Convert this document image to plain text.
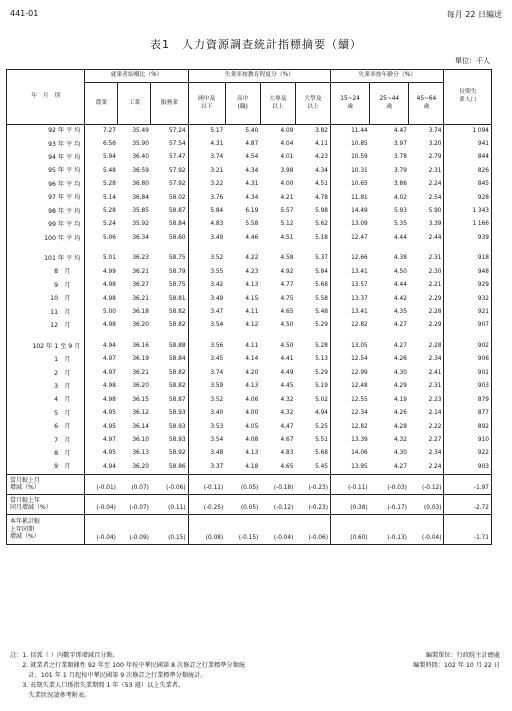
441-01	每月 22 日編送
表1　人力資源調查統計指標摘要（續）
單位：千人
年　月　別	就業者結構比（%）			失業率按教育程度分（%）				失業率按年齡分（%）			長期失
業人口

	農業	工業	服務業	國中及
以下	高中
(職)	大專及
以上	大學及
以上	15~24
歲	25~44
歲	45~64
歲	

92 年 平 均	7.27	35.49	57.24	5.17	5.40	4.09	3.82	11.44	4.47	3.74	1 094
93 年 平 均	6.56	35.90	57.54	4.31	4.87	4.04	4.11	10.85	3.97	3.20	941
94 年 平 均	5.94	36.40	57.47	3.74	4.54	4.01	4.23	10.59	3.78	2.79	844
95 年 平 均	5.48	36.59	57.92	3.21	4.34	3.98	4.34	10.31	3.79	2.31	826
96 年 平 均	5.28	36.80	57.92	3.22	4.31	4.00	4.51	10.65	3.86	2.24	845
97 年 平 均	5.14	36.84	58.02	3.76	4.34	4.21	4.78	11.81	4.02	2.54	928
98 年 平 均	5.28	35.85	58.87	5.84	6.19	5.57	5.98	14.49	5.93	5.90	1 343
99 年 平 均	5.24	35.92	58.84	4.83	5.58	5.12	5.62	13.09	5.35	3.39	1 166
100 年 平 均	5.06	36.34	58.60	3.49	4.46	4.51	5.18	12.47	4.44	2.44	939

101 年 平 均	5.01	36.23	58.75	3.52	4.22	4.58	5.37	12.66	4.38	2.31	918
8　月	4.99	36.21	58.79	3.55	4.23	4.92	5.84	13.41	4.50	2.30	948
9　月	4.98	36.27	58.75	3.42	4.13	4.77	5.68	13.57	4.44	2.21	929
10　月	4.98	36.21	58.81	3.49	4.15	4.75	5.58	13.37	4.42	2.29	932
11　月	5.00	36.18	58.82	3.47	4.11	4.65	5.48	13.41	4.35	2.28	921
12　月	4.98	36.20	58.82	3.54	4.12	4.50	5.29	12.82	4.27	2.29	907

102 年 1 至 9 月	4.94	36.16	58.88	3.56	4.11	4.50	5.28	13.05	4.27	2.28	902
1　月	4.97	36.19	58.84	3.45	4.14	4.41	5.13	12.54	4.26	2.34	906
2　月	4.97	36.21	58.82	3.74	4.20	4.49	5.29	12.99	4.30	2.41	901
3　月	4.98	36.20	58.82	3.59	4.13	4.45	5.19	12.48	4.29	2.31	903
4　月	4.98	36.15	58.87	3.52	4.06	4.32	5.02	12.55	4.19	2.23	879
5　月	4.95	36.12	58.93	3.40	4.00	4.32	4.94	12.34	4.26	2.14	877
6　月	4.95	36.14	58.93	3.53	4.05	4.47	5.25	12.82	4.28	2.22	892
7　月	4.97	36.10	58.93	3.54	4.08	4.67	5.51	13.39	4.32	2.27	910
8　月	4.95	36.13	58.92	3.48	4.13	4.83	5.68	14.06	4.30	2.34	922
9　月	4.94	36.20	58.86	3.37	4.18	4.65	5.45	13.95	4.27	2.24	903

當月較上月
增減（%）	(-0.01)	(0.07)	(-0.06)	(-0.11)	(0.05)	(-0.18)	(-0.23)	(-0.11)	(-0.03)	(-0.12)	-1.97

當月較上年
同月增減（%）	(-0.04)	(-0.07)	(0.11)	(-0.25)	(0.05)	(-0.12)	(-0.23)	(0.38)	(-0.17)	(0.03)	-2.72

本年累計較
上年同期
增減（%）	(-0.04)	(-0.09)	(0.15)	(0.08)	(-0.15)	(-0.04)	(-0.06)	(0.60)	(-0.13)	(-0.04)	-1.71
註：1. 括弧（ ）內數字係增減百分點。	編製單位：行政院主計總處
　　2. 就業者之行業類據性 92 年至 100 年按中華民國第 8 次修訂之行業標準分類統	編製時間：102 年 10 月 22 日
　　　計，101 年 1 月起按中華民國第 9 次修訂之行業標準分類統計。
　　3. 長期失業人口係指失業期間 1 年（53 週）以上失業者。
　　　失業狀況請參考附表。
